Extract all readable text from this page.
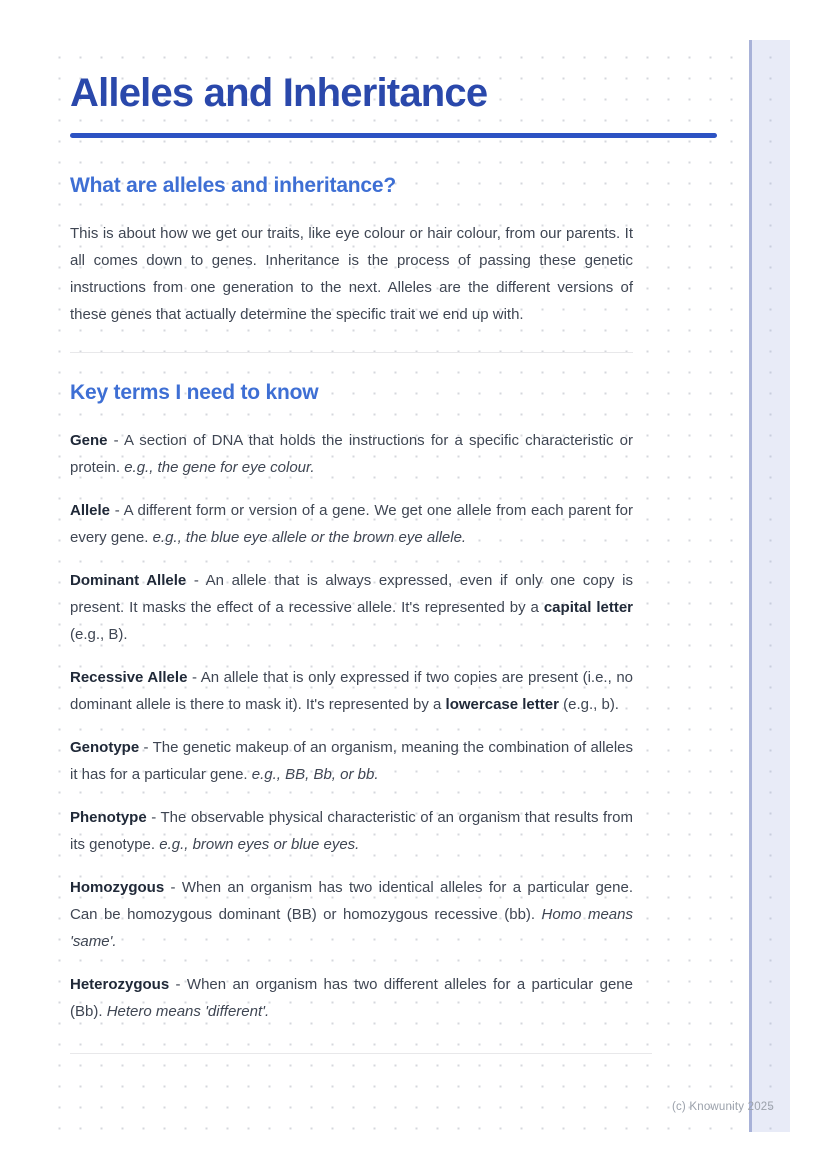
Alleles and Inheritance
What are alleles and inheritance?

This is about how we get our traits, like eye colour or hair colour, from our parents. It all comes down to genes. Inheritance is the process of passing these genetic instructions from one generation to the next. Alleles are the different versions of these genes that actually determine the specific trait we end up with.

Key terms I need to know

Gene - A section of DNA that holds the instructions for a specific characteristic or protein. e.g., the gene for eye colour.

Allele - A different form or version of a gene. We get one allele from each parent for every gene. e.g., the blue eye allele or the brown eye allele.

Dominant Allele - An allele that is always expressed, even if only one copy is present. It masks the effect of a recessive allele. It's represented by a capital letter (e.g., B).

Recessive Allele - An allele that is only expressed if two copies are present (i.e., no dominant allele is there to mask it). It's represented by a lowercase letter (e.g., b).

Genotype - The genetic makeup of an organism, meaning the combination of alleles it has for a particular gene. e.g., BB, Bb, or bb.

Phenotype - The observable physical characteristic of an organism that results from its genotype. e.g., brown eyes or blue eyes.

Homozygous - When an organism has two identical alleles for a particular gene. Can be homozygous dominant (BB) or homozygous recessive (bb). Homo means 'same'.

Heterozygous - When an organism has two different alleles for a particular gene (Bb). Hetero means 'different'.

(c) Knowunity 2025
